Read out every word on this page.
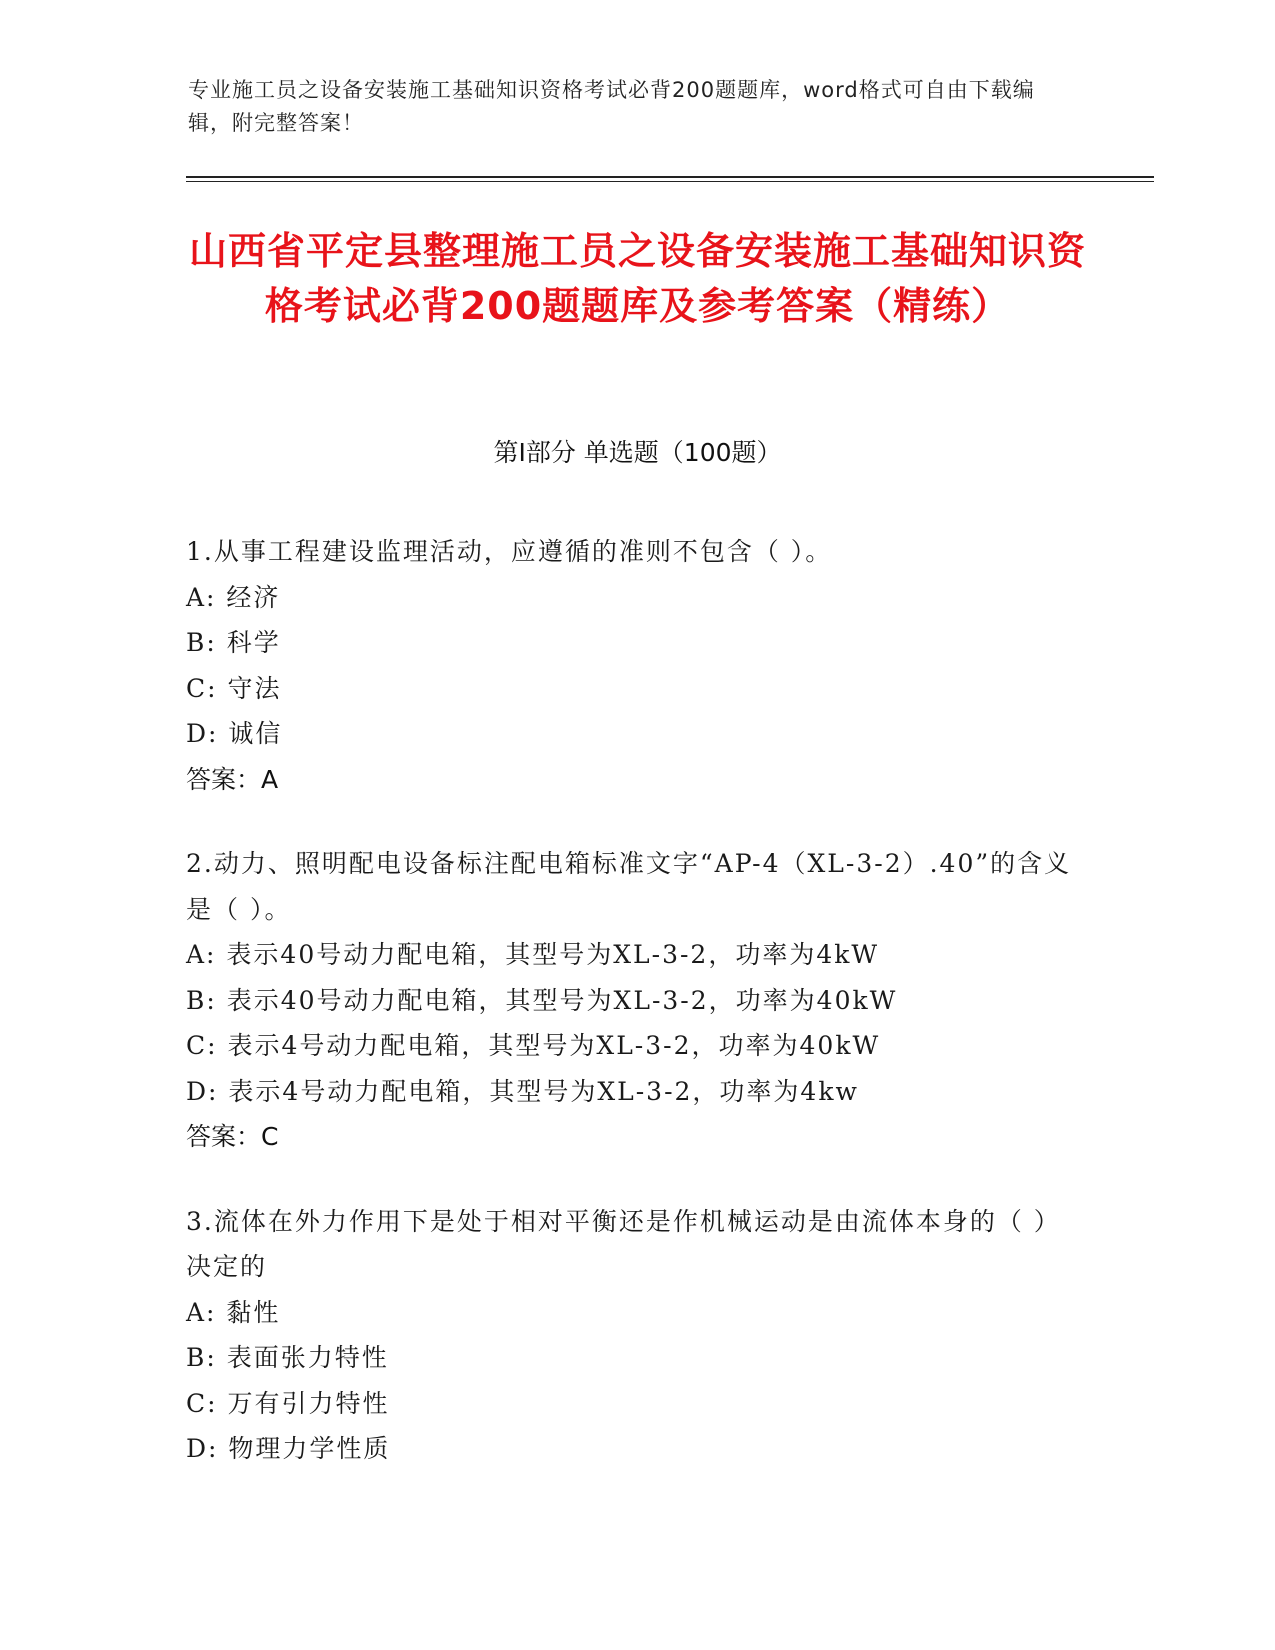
专业施工员之设备安装施工基础知识资格考试必背200题题库，word格式可自由下载编辑，附完整答案！
山西省平定县整理施工员之设备安装施工基础知识资格考试必背200题题库及参考答案（精练）
第Ⅰ部分 单选题（100题）
1.从事工程建设监理活动，应遵循的准则不包含（ ）。
A: 经济
B: 科学
C: 守法
D: 诚信
答案：A
2.动力、照明配电设备标注配电箱标准文字“AP-4（XL-3-2）.40”的含义是（ ）。
A: 表示40号动力配电箱，其型号为XL-3-2，功率为4kW
B: 表示40号动力配电箱，其型号为XL-3-2，功率为40kW
C: 表示4号动力配电箱，其型号为XL-3-2，功率为40kW
D: 表示4号动力配电箱，其型号为XL-3-2，功率为4kw
答案：C
3.流体在外力作用下是处于相对平衡还是作机械运动是由流体本身的（ ）决定的
A: 黏性
B: 表面张力特性
C: 万有引力特性
D: 物理力学性质
